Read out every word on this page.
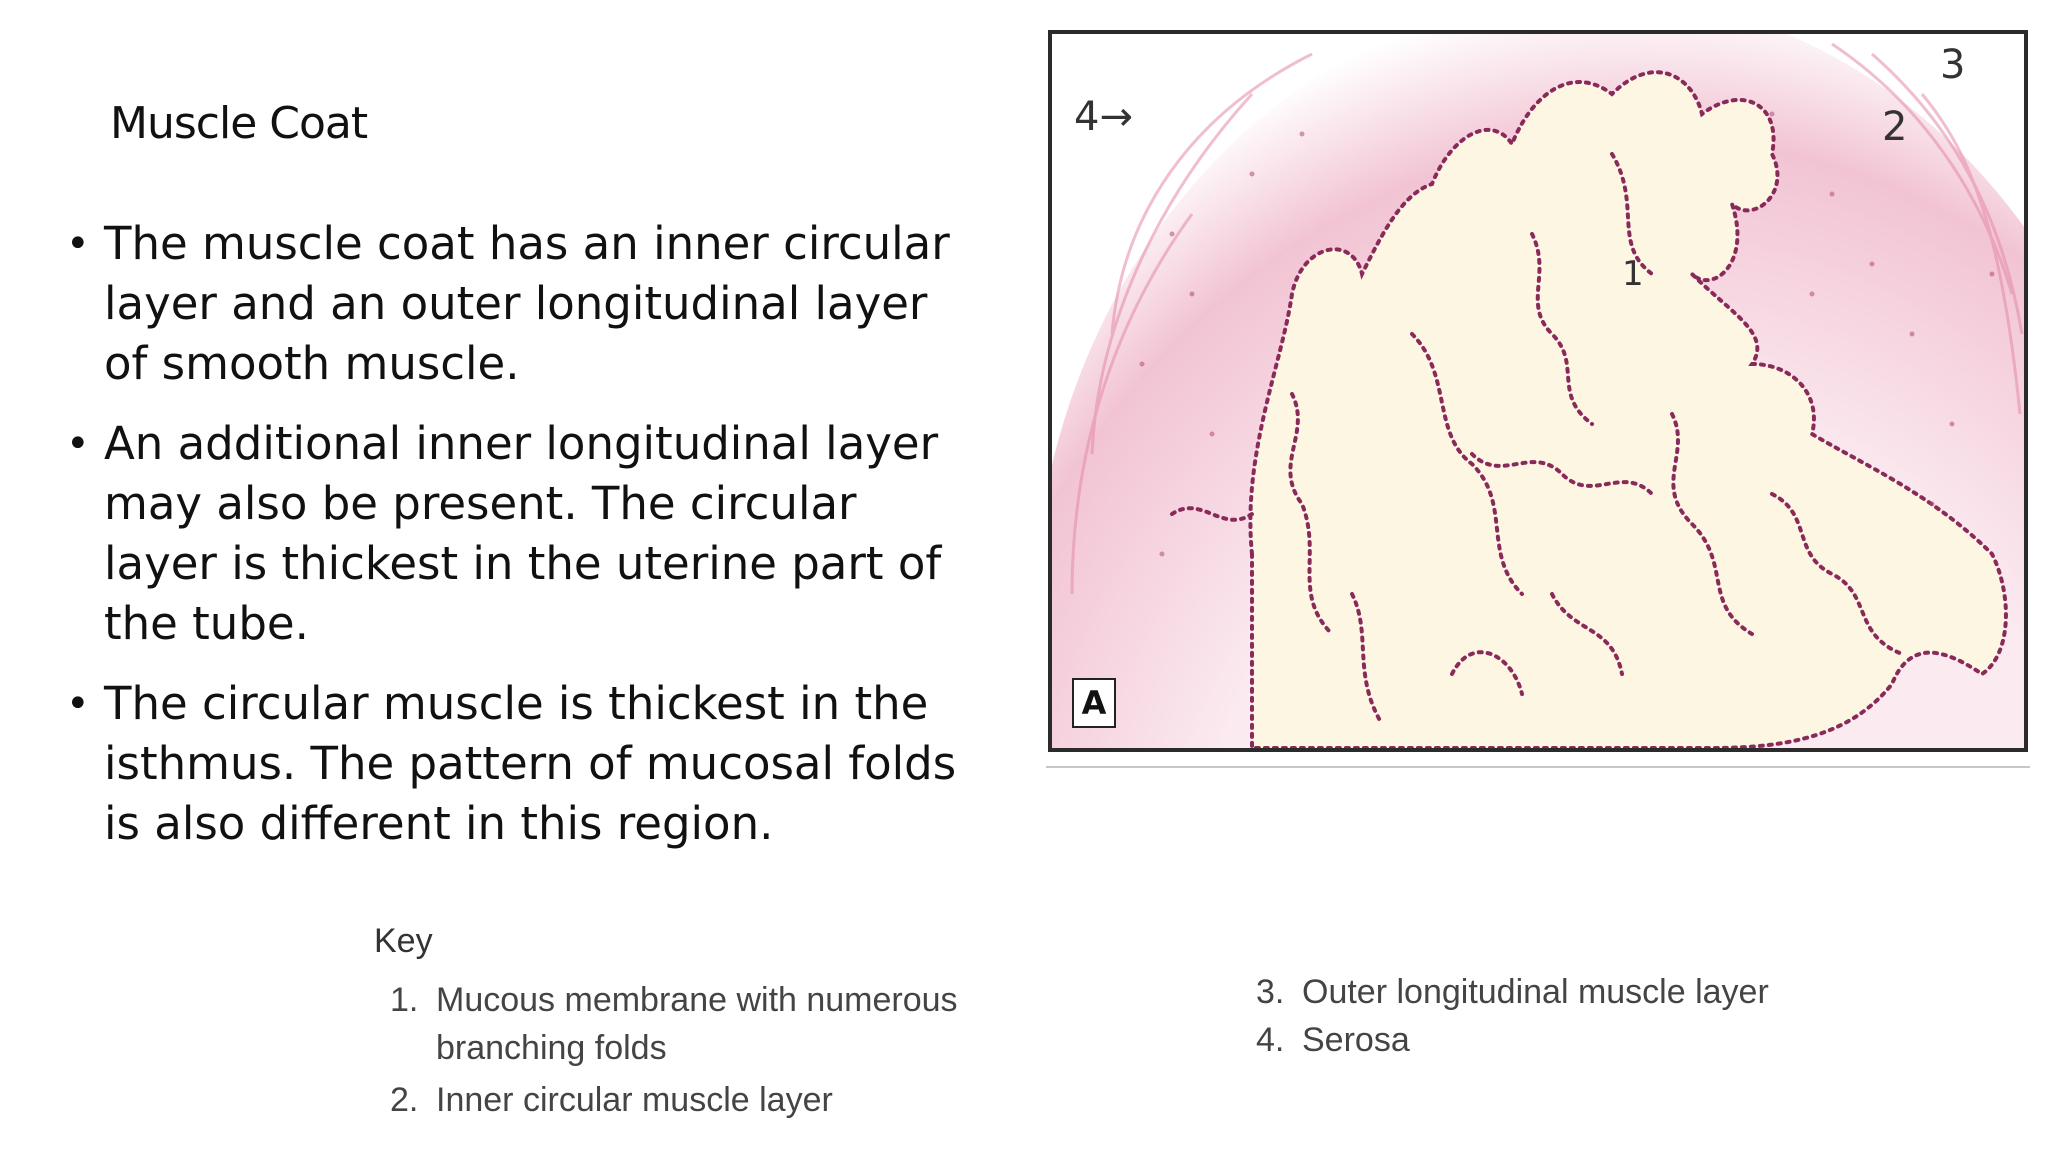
Muscle Coat
• The muscle coat has an inner circular layer and an outer longitudinal layer of smooth muscle.
• An additional inner longitudinal layer may also be present. The circular layer is thickest in the uterine part of the tube.
• The circular muscle is thickest in the isthmus. The pattern of mucosal folds is also different in this region.
4→	2
3
1
A
Key
1. Mucous membrane with numerous branching folds
2. Inner circular muscle layer
3. Outer longitudinal muscle layer
4. Serosa
